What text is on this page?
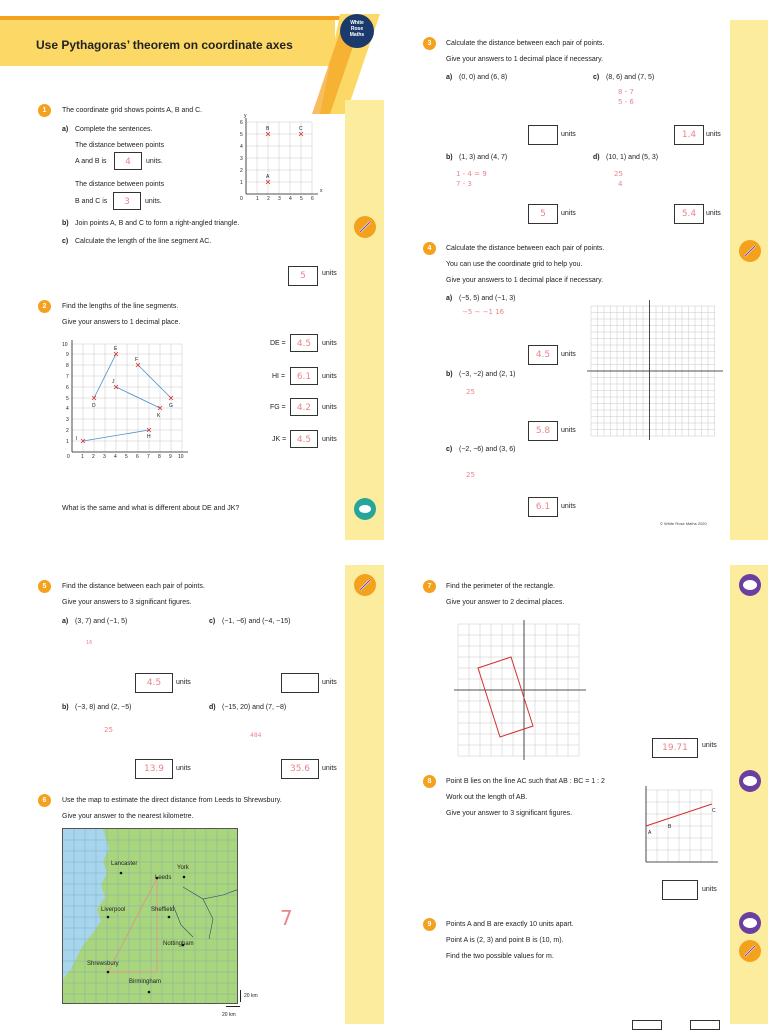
Use Pythagoras’ theorem on coordinate axes
White
Rose
Maths
1	The coordinate grid shows points A, B and C.
a) Complete the sentences.
The distance between points
A and B is	4	units.
The distance between points
B and C is	3	units.
b) Join points A, B and C to form a right-angled triangle.
c) Calculate the length of the line segment AC.
5	units
x
y
0	1 2 3 4 5 6
1
2
3
4
5
6
B	C
A
2	Find the lengths of the line segments.
Give your answers to 1 decimal place.
0 1 2 3 4 5 6 7 8 9 10
1
2
3
4
5
6
7
8
9
10
D
E
F
G
H
I
J
K
DE =	4.5	units
HI =	6.1	units
FG =	4.2	units
JK =	4.5	units
What is the same and what is different about DE and JK?
3	Calculate the distance between each pair of points.
Give your answers to 1 decimal place if necessary.
a) (0, 0) and (6, 8)	c) (8, 6) and (7, 5)
8 - 7
5 - 6
units	1.4	units
b) (1, 3) and (4, 7)	d) (10, 1) and (5, 3)
1 - 4 = 9
7 - 3
25
4
5	units	5.4	units
4	Calculate the distance between each pair of points.
You can use the coordinate grid to help you.
Give your answers to 1 decimal place if necessary.
a) (−5, 5) and (−1, 3)
−5 − −1 16
4.5	units
b) (−3, −2) and (2, 1)
25
5.8	units
c) (−2, −6) and (3, 6)
25
6.1	units
© White Rose Maths 2020
5	Find the distance between each pair of points.
Give your answers to 3 significant figures.
a) (3, 7) and (−1, 5)	c) (−1, −6) and (−4, −15)
16
4.5	units	units
b) (−3, 8) and (2, −5)	d) (−15, 20) and (7, −8)
25
484
13.9	units	35.6	units
6	Use the map to estimate the direct distance from Leeds to Shrewsbury.
Give your answer to the nearest kilometre.
Lancaster
York
Leeds
Liverpool	Sheffield
Nottingham
Shrewsbury
Birmingham
20 km
20 km
7
7	Find the perimeter of the rectangle.
Give your answer to 2 decimal places.
19.71	units
8	Point B lies on the line AC such that AB : BC = 1 : 2
Work out the length of AB.
Give your answer to 3 significant figures.
A
B
C
units
9	Points A and B are exactly 10 units apart.
Point A is (2, 3) and point B is (10, m).
Find the two possible values for m.
